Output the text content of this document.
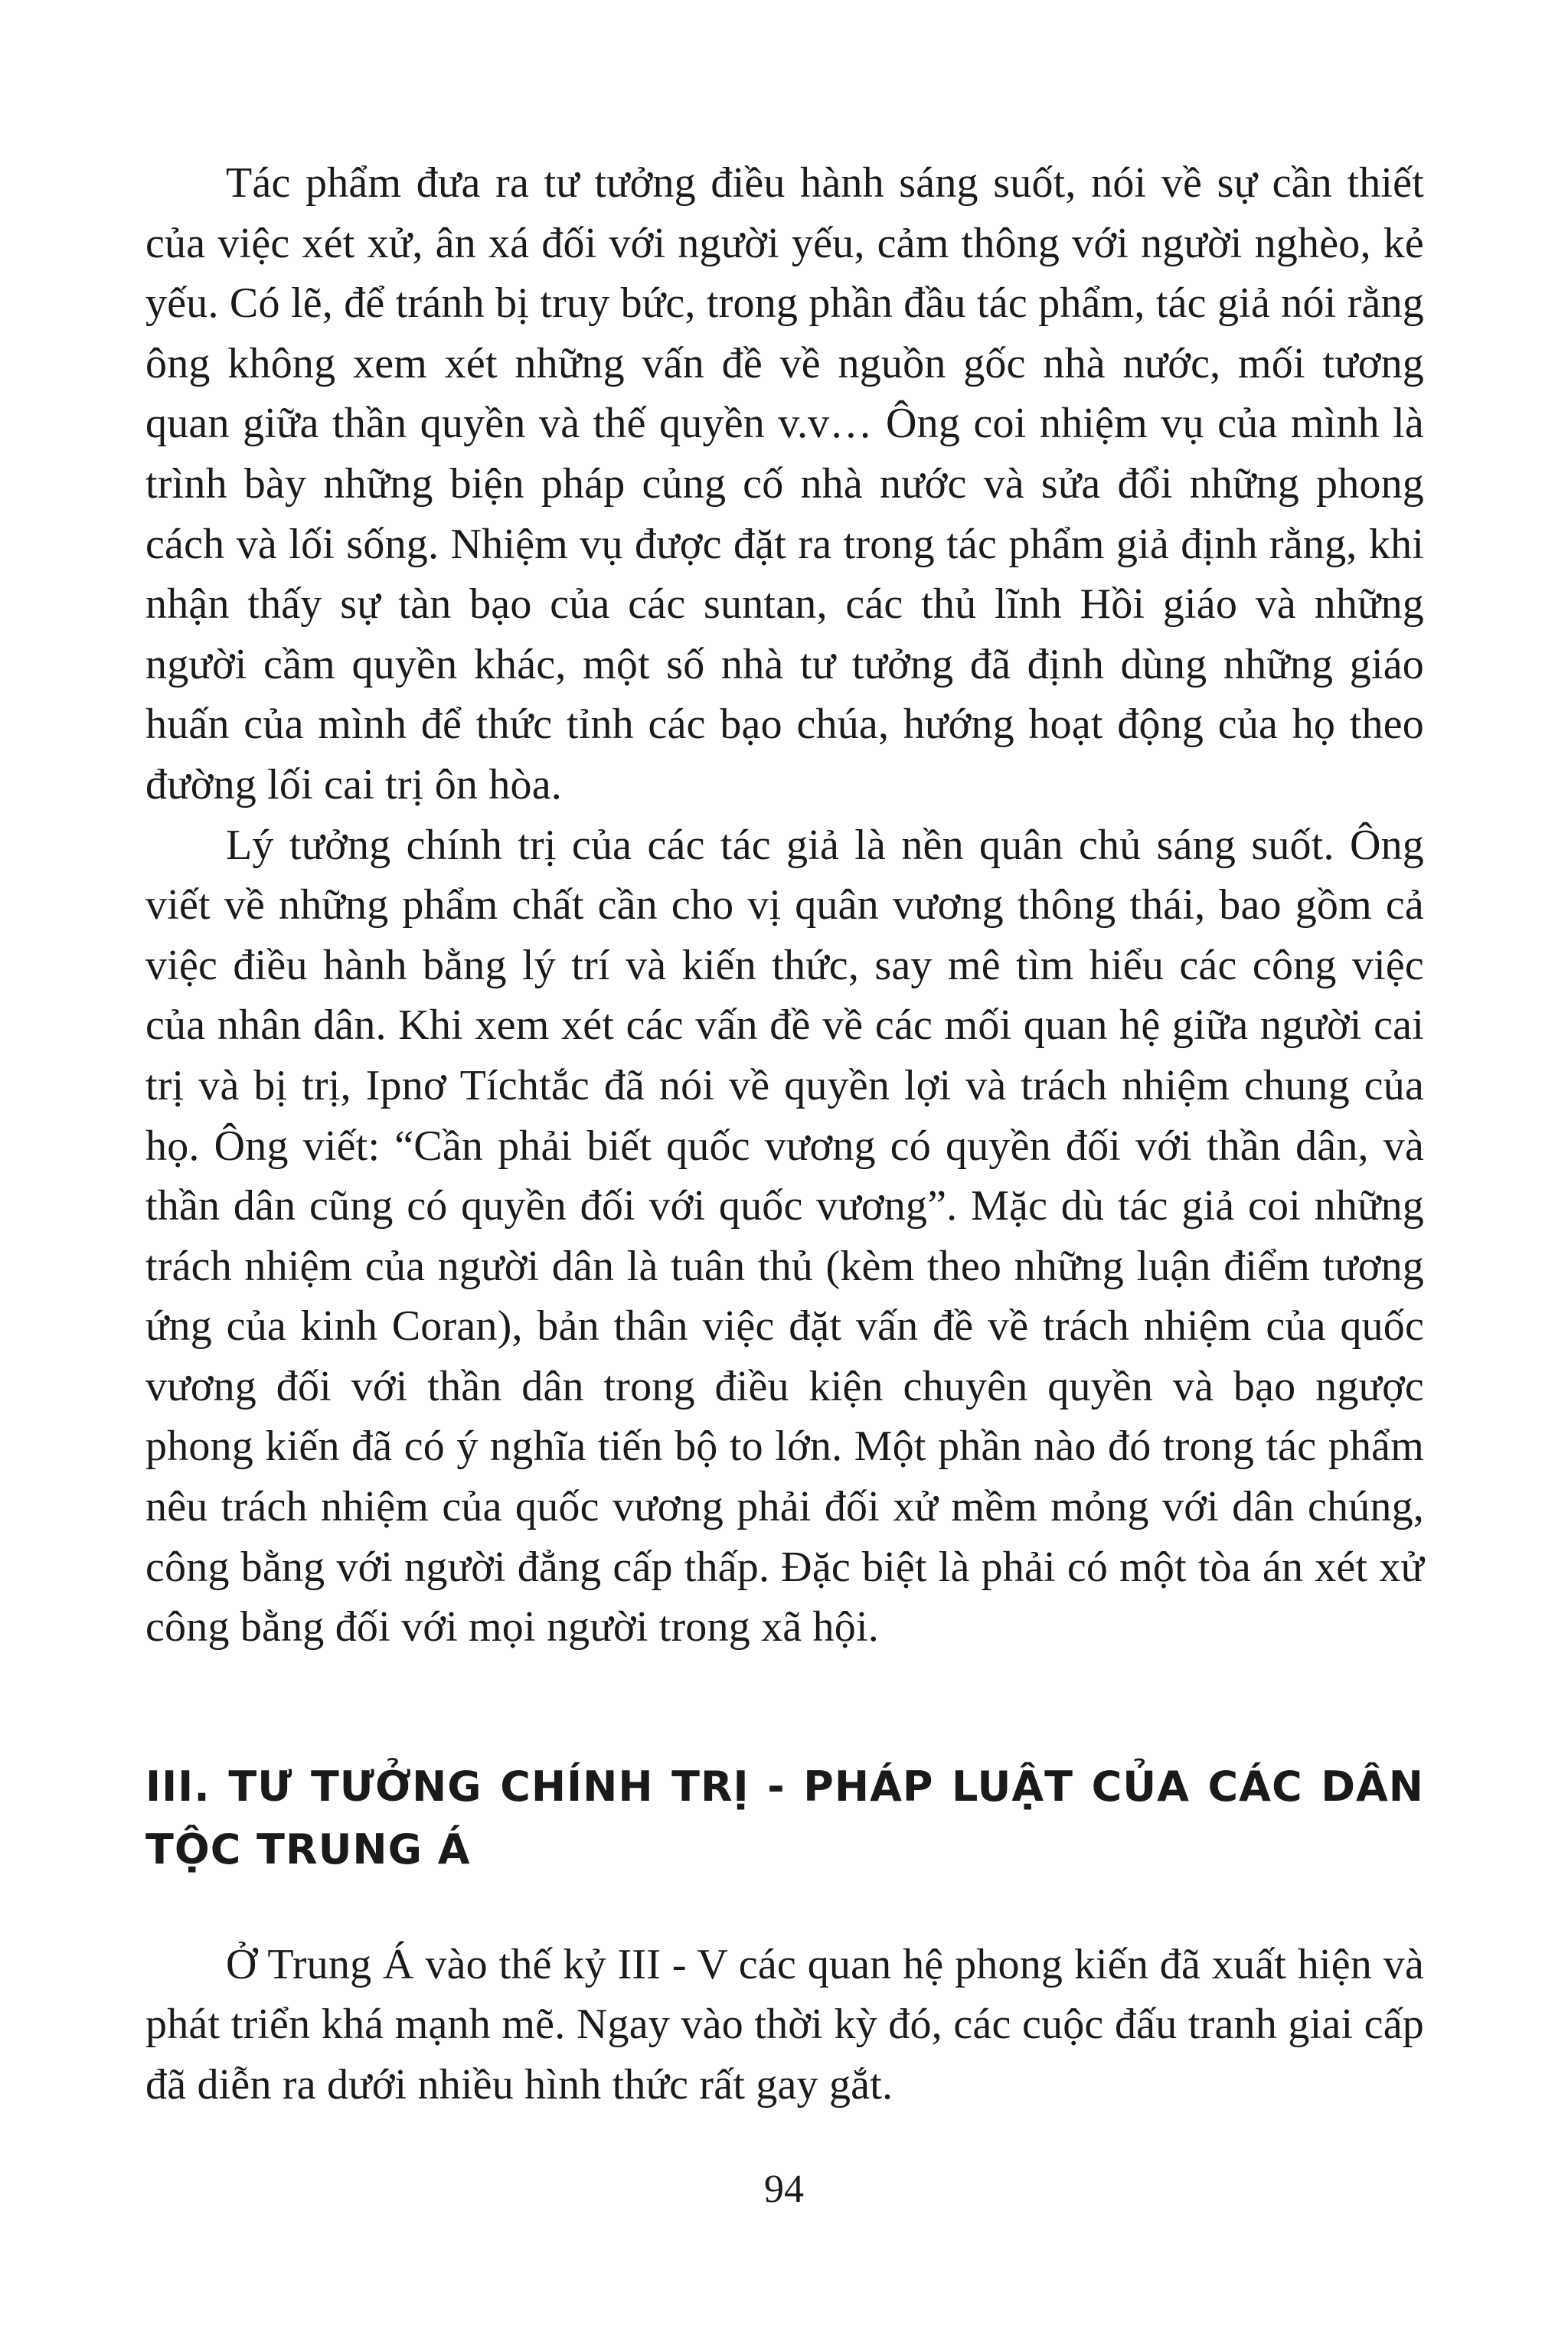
Tác phẩm đưa ra tư tưởng điều hành sáng suốt, nói về sự cần thiết của việc xét xử, ân xá đối với người yếu, cảm thông với người nghèo, kẻ yếu. Có lẽ, để tránh bị truy bức, trong phần đầu tác phẩm, tác giả nói rằng ông không xem xét những vấn đề về nguồn gốc nhà nước, mối tương quan giữa thần quyền và thế quyền v.v… Ông coi nhiệm vụ của mình là trình bày những biện pháp củng cố nhà nước và sửa đổi những phong cách và lối sống. Nhiệm vụ được đặt ra trong tác phẩm giả định rằng, khi nhận thấy sự tàn bạo của các suntan, các thủ lĩnh Hồi giáo và những người cầm quyền khác, một số nhà tư tưởng đã định dùng những giáo huấn của mình để thức tỉnh các bạo chúa, hướng hoạt động của họ theo đường lối cai trị ôn hòa.

Lý tưởng chính trị của các tác giả là nền quân chủ sáng suốt. Ông viết về những phẩm chất cần cho vị quân vương thông thái, bao gồm cả việc điều hành bằng lý trí và kiến thức, say mê tìm hiểu các công việc của nhân dân. Khi xem xét các vấn đề về các mối quan hệ giữa người cai trị và bị trị, Ipnơ Tíchtắc đã nói về quyền lợi và trách nhiệm chung của họ. Ông viết: “Cần phải biết quốc vương có quyền đối với thần dân, và thần dân cũng có quyền đối với quốc vương”. Mặc dù tác giả coi những trách nhiệm của người dân là tuân thủ (kèm theo những luận điểm tương ứng của kinh Coran), bản thân việc đặt vấn đề về trách nhiệm của quốc vương đối với thần dân trong điều kiện chuyên quyền và bạo ngược phong kiến đã có ý nghĩa tiến bộ to lớn. Một phần nào đó trong tác phẩm nêu trách nhiệm của quốc vương phải đối xử mềm mỏng với dân chúng, công bằng với người đẳng cấp thấp. Đặc biệt là phải có một tòa án xét xử công bằng đối với mọi người trong xã hội.

III. TƯ TƯỞNG CHÍNH TRỊ - PHÁP LUẬT CỦA CÁC DÂN TỘC TRUNG Á

Ở Trung Á vào thế kỷ III - V các quan hệ phong kiến đã xuất hiện và phát triển khá mạnh mẽ. Ngay vào thời kỳ đó, các cuộc đấu tranh giai cấp đã diễn ra dưới nhiều hình thức rất gay gắt.

94
